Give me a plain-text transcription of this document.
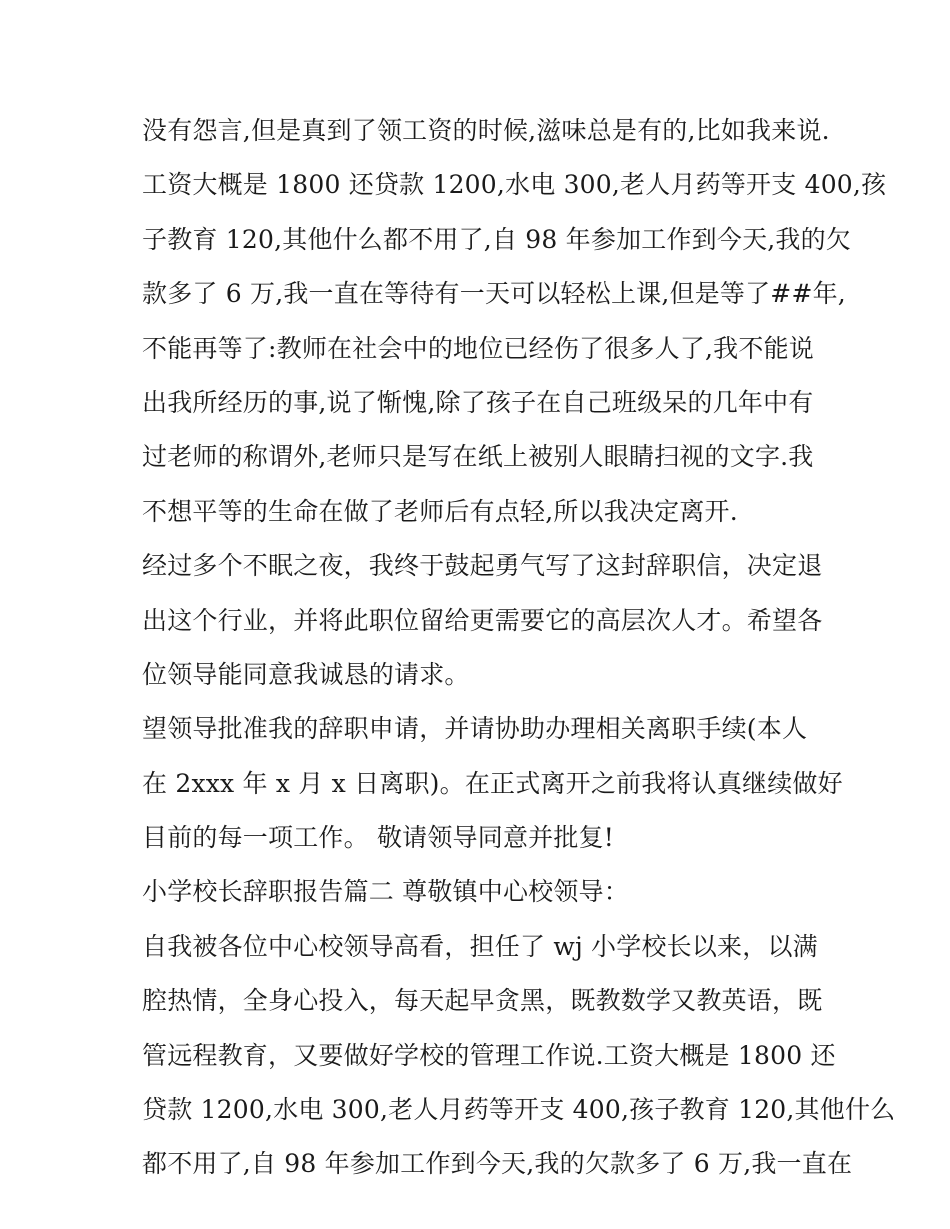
没有怨言,但是真到了领工资的时候,滋味总是有的,比如我来说.
工资大概是 1800 还贷款 1200,水电 300,老人月药等开支 400,孩
子教育 120,其他什么都不用了,自 98 年参加工作到今天,我的欠
款多了 6 万,我一直在等待有一天可以轻松上课,但是等了##年,
不能再等了:教师在社会中的地位已经伤了很多人了,我不能说
出我所经历的事,说了惭愧,除了孩子在自己班级呆的几年中有
过老师的称谓外,老师只是写在纸上被别人眼睛扫视的文字.我
不想平等的生命在做了老师后有点轻,所以我决定离开.
经过多个不眠之夜，我终于鼓起勇气写了这封辞职信，决定退
出这个行业，并将此职位留给更需要它的高层次人才。希望各
位领导能同意我诚恳的请求。
望领导批准我的辞职申请，并请协助办理相关离职手续(本人
在 2xxx 年 x 月 x 日离职)。在正式离开之前我将认真继续做好
目前的每一项工作。 敬请领导同意并批复!
小学校长辞职报告篇二 尊敬镇中心校领导：
自我被各位中心校领导高看，担任了 wj 小学校长以来，以满
腔热情，全身心投入，每天起早贪黑，既教数学又教英语，既
管远程教育，又要做好学校的管理工作说.工资大概是 1800 还
贷款 1200,水电 300,老人月药等开支 400,孩子教育 120,其他什么
都不用了,自 98 年参加工作到今天,我的欠款多了 6 万,我一直在
